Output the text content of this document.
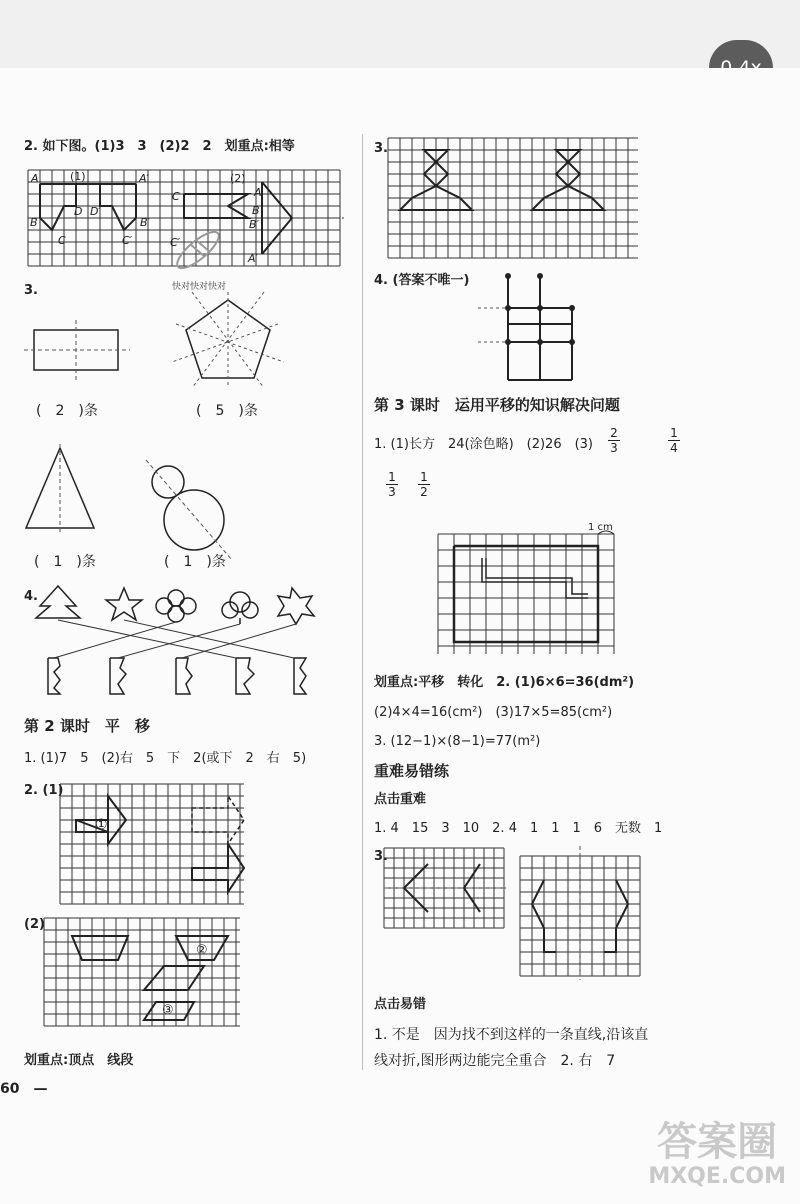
2. 如下图。(1)3　3　(2)2　2　 划重点:相等
A	(1)	A′
B	B′
C	C′
D D′
(2)
C
C′
B
B′
A
A′
3.	快对快对快对
(　2　)条	(　5　)条
(　1　)条	(　1　)条
4.
第 2 课时　平　移
1. (1)7　5　(2)右　5　下　2(或下　2　右　5)
2. (1)
①
(2)
②
③
划重点:顶点　线段
60　—
3.
4. (答案不唯一)
第 3 课时　运用平移的知识解决问题
1. (1)长方　24(涂色略)　(2)26　(3)
2
3
1
4
1
3
1
2
1 cm
划重点:平移　转化　2. (1)6×6=36(dm²)
(2)4×4=16(cm²)　(3)17×5=85(cm²)
3. (12−1)×(8−1)=77(m²)
重难易错练
点击重难
1. 4　15　3　10　2. 4　1　1　1　6　无数　1
3.
点击易错
1. 不是　因为找不到这样的一条直线,沿该直
线对折,图形两边能完全重合　2. 右　7
答案圈
MXQE.COM
